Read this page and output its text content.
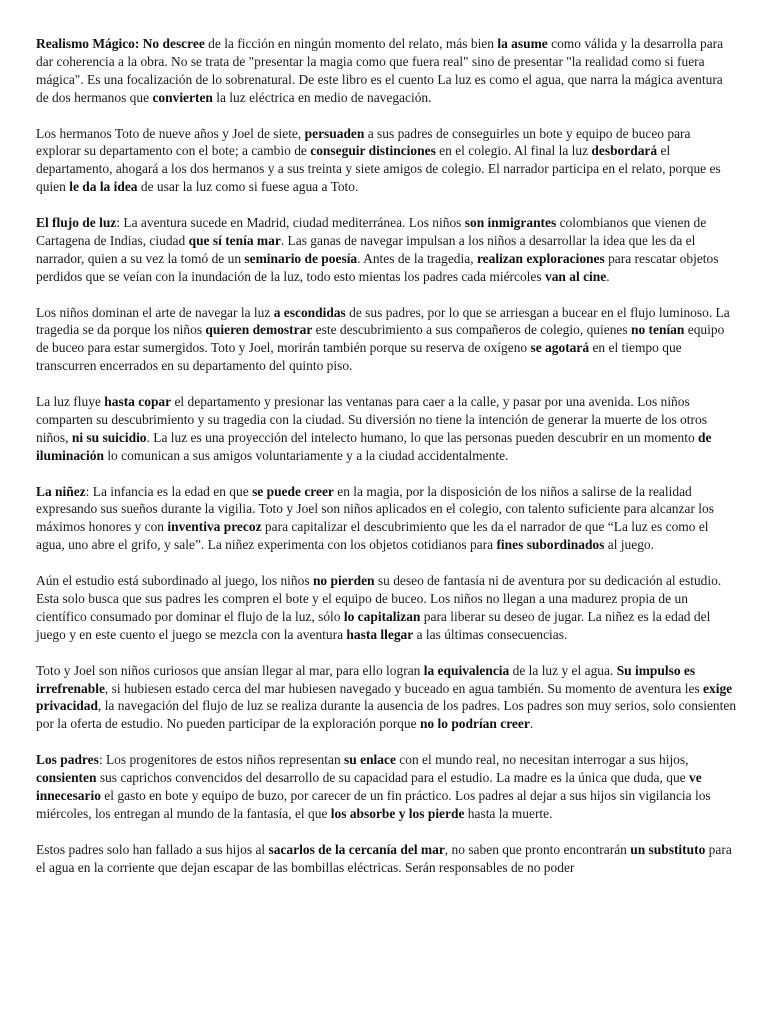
Realismo Mágico: No descree de la ficción en ningún momento del relato, más bien la asume como válida y la desarrolla para dar coherencia a la obra. No se trata de "presentar la magia como que fuera real" sino de presentar "la realidad como si fuera mágica". Es una focalización de lo sobrenatural. De este libro es el cuento La luz es como el agua, que narra la mágica aventura de dos hermanos que convierten la luz eléctrica en medio de navegación.

Los hermanos Toto de nueve años y Joel de siete, persuaden a sus padres de conseguirles un bote y equipo de buceo para explorar su departamento con el bote; a cambio de conseguir distinciones en el colegio. Al final la luz desbordará el departamento, ahogará a los dos hermanos y a sus treinta y siete amigos de colegio. El narrador participa en el relato, porque es quien le da la idea de usar la luz como si fuese agua a Toto.

El flujo de luz: La aventura sucede en Madrid, ciudad mediterránea. Los niños son inmigrantes colombianos que vienen de Cartagena de Indias, ciudad que sí tenía mar. Las ganas de navegar impulsan a los niños a desarrollar la idea que les da el narrador, quien a su vez la tomó de un seminario de poesía. Antes de la tragedia, realizan exploraciones para rescatar objetos perdidos que se veían con la inundación de la luz, todo esto mientas los padres cada miércoles van al cine.

Los niños dominan el arte de navegar la luz a escondidas de sus padres, por lo que se arriesgan a bucear en el flujo luminoso. La tragedia se da porque los niños quieren demostrar este descubrimiento a sus compañeros de colegio, quienes no tenían equipo de buceo para estar sumergidos. Toto y Joel, morirán también porque su reserva de oxígeno se agotará en el tiempo que transcurren encerrados en su departamento del quinto piso.

La luz fluye hasta copar el departamento y presionar las ventanas para caer a la calle, y pasar por una avenida. Los niños comparten su descubrimiento y su tragedia con la ciudad. Su diversión no tiene la intención de generar la muerte de los otros niños, ni su suicidio. La luz es una proyección del intelecto humano, lo que las personas pueden descubrir en un momento de iluminación lo comunican a sus amigos voluntariamente y a la ciudad accidentalmente.

La niñez: La infancia es la edad en que se puede creer en la magia, por la disposición de los niños a salirse de la realidad expresando sus sueños durante la vigilia. Toto y Joel son niños aplicados en el colegio, con talento suficiente para alcanzar los máximos honores y con inventiva precoz para capitalizar el descubrimiento que les da el narrador de que “La luz es como el agua, uno abre el grifo, y sale”. La niñez experimenta con los objetos cotidianos para fines subordinados al juego.

Aún el estudio está subordinado al juego, los niños no pierden su deseo de fantasía ni de aventura por su dedicación al estudio. Esta solo busca que sus padres les compren el bote y el equipo de buceo. Los niños no llegan a una madurez propia de un científico consumado por dominar el flujo de la luz, sólo lo capitalizan para liberar su deseo de jugar. La niñez es la edad del juego y en este cuento el juego se mezcla con la aventura hasta llegar a las últimas consecuencias.

Toto y Joel son niños curiosos que ansían llegar al mar, para ello logran la equivalencia de la luz y el agua. Su impulso es irrefrenable, si hubiesen estado cerca del mar hubiesen navegado y buceado en agua también. Su momento de aventura les exige privacidad, la navegación del flujo de luz se realiza durante la ausencia de los padres. Los padres son muy serios, solo consienten por la oferta de estudio. No pueden participar de la exploración porque no lo podrían creer.

Los padres: Los progenitores de estos niños representan su enlace con el mundo real, no necesitan interrogar a sus hijos, consienten sus caprichos convencidos del desarrollo de su capacidad para el estudio. La madre es la única que duda, que ve innecesario el gasto en bote y equipo de buzo, por carecer de un fin práctico. Los padres al dejar a sus hijos sin vigilancia los miércoles, los entregan al mundo de la fantasía, el que los absorbe y los pierde hasta la muerte.

Estos padres solo han fallado a sus hijos al sacarlos de la cercanía del mar, no saben que pronto encontrarán un substituto para el agua en la corriente que dejan escapar de las bombillas eléctricas. Serán responsables de no poder
